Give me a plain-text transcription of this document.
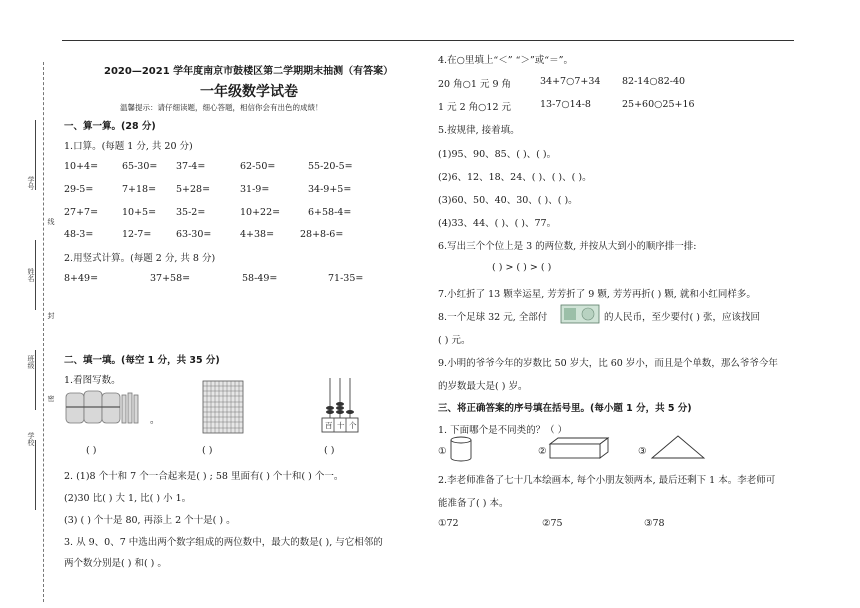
学号
线
姓名
封
班级
密
学校
2020—2021 学年度南京市鼓楼区第二学期期末抽测（有答案）
一年级数学试卷
温馨提示：请仔细读题，细心答题，相信你会有出色的成绩！
一、算一算。(28 分)
1.口算。(每题 1 分, 共 20 分)
10+4=	65-30= 37-4=	62-50=	55-20-5=
29-5=	7+18= 5+28=	31-9=	34-9+5=
27+7=	10+5= 35-2=	10+22=	6+58-4=
48-3=	12-7=	63-30=	4+38=	28+8-6=
2.用竖式计算。(每题 2 分, 共 8 分)
8+49=	37+58=	58-49=	71-35=
二、填一填。(每空 1 分，共 35 分)
1.看图写数。
。	百 十 个
( )	( )	( )
2. (1)8 个十和 7 个一合起来是( ) ; 58 里面有( ) 个十和( ) 个一。
(2)30 比( ) 大 1, 比( ) 小 1。
(3) ( ) 个十是 80, 再添上 2 个十是( ) 。
3. 从 9、0、7 中选出两个数字组成的两位数中，最大的数是( ), 与它相邻的
两个数分别是( ) 和( ) 。
4.在○里填上“＜” “＞”或“＝”。
20 角○1 元 9 角	34+7○7+34 82-14○82-40
1 元 2 角○12 元	13-7○14-8	25+60○25+16
5.按规律, 接着填。
(1)95、90、85、( )、( )。
(2)6、12、18、24、( )、( )、( )。
(3)60、50、40、30、( )、( )。
(4)33、44、( )、( )、77。
6.写出三个个位上是 3 的两位数, 并按从大到小的顺序排一排:
( ) > ( ) > ( )
7.小红折了 13 颗幸运星, 芳芳折了 9 颗, 芳芳再折( ) 颗, 就和小红同样多。
8.一个足球 32 元, 全部付	的人民币，至少要付( ) 张，应该找回
( ) 元。
9.小明的爷爷今年的岁数比 50 岁大，比 60 岁小，而且是个单数，那么爷爷今年
的岁数最大是( ) 岁。
三、将正确答案的序号填在括号里。(每小题 1 分，共 5 分)
1. 下面哪个是不同类的？（ ）
①	②	③
2.李老师准备了七十几本绘画本, 每个小朋友领两本, 最后还剩下 1 本。李老师可
能准备了( ) 本。
①72	②75	③78
